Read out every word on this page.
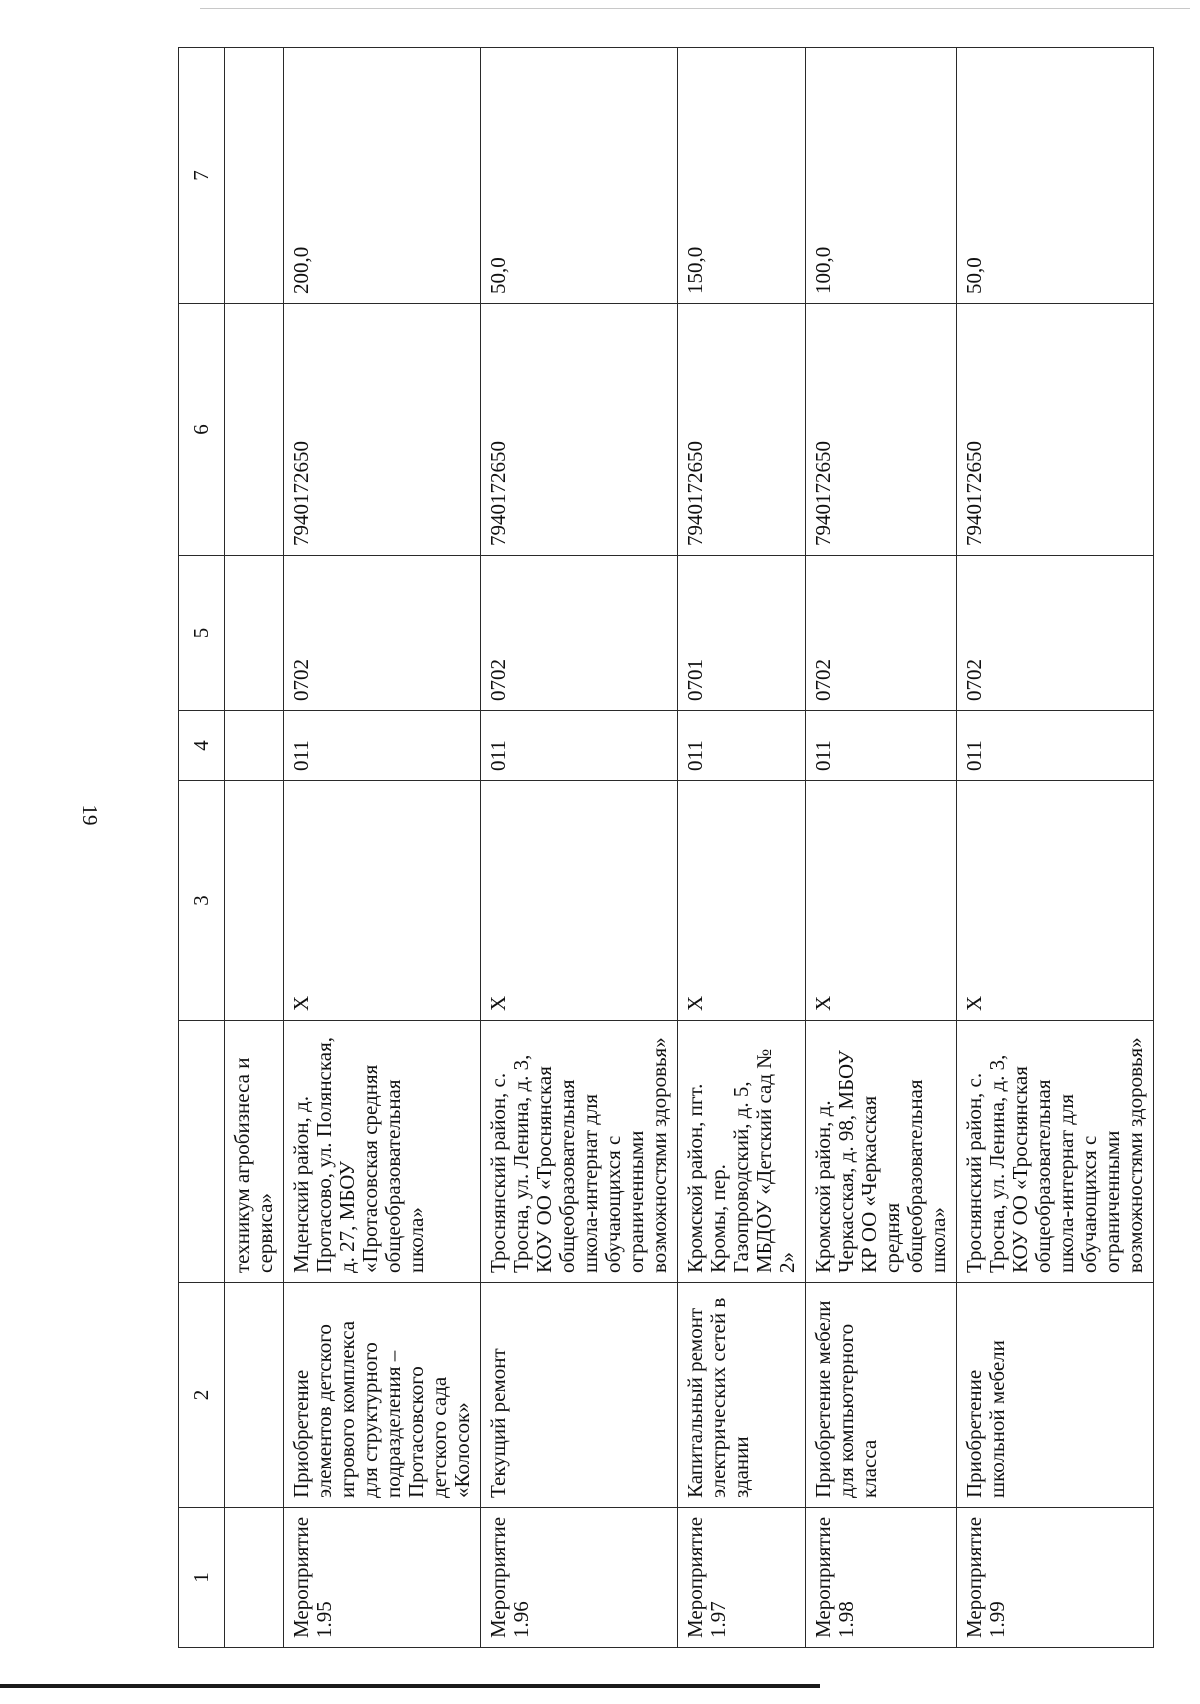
19
1	2		3	4	5	6	7
		техникум агробизнеса и сервиса»					
Мероприятие 1.95	Приобретение элементов детского игрового комплекса для структурного подразделения – Протасовского детского сада «Колосок»	Мценский район, д. Протасово, ул. Полянская, д. 27, МБОУ «Протасовская средняя общеобразовательная школа»	Х	011	0702	7940172650	200,0
Мероприятие 1.96	Текущий ремонт	Троснянский район, с. Тросна, ул. Ленина, д. 3, КОУ ОО «Троснянская общеобразовательная школа-интернат для обучающихся с ограниченными возможностями здоровья»	Х	011	0702	7940172650	50,0
Мероприятие 1.97	Капитальный ремонт электрических сетей в здании	Кромской район, пгт. Кромы, пер. Газопроводский, д. 5, МБДОУ «Детский сад № 2»	Х	011	0701	7940172650	150,0
Мероприятие 1.98	Приобретение мебели для компьютерного класса	Кромской район, д. Черкасская, д. 98, МБОУ КР ОО «Черкасская средняя общеобразовательная школа»	Х	011	0702	7940172650	100,0
Мероприятие 1.99	Приобретение школьной мебели	Троснянский район, с. Тросна, ул. Ленина, д. 3, КОУ ОО «Троснянская общеобразовательная школа-интернат для обучающихся с ограниченными возможностями здоровья»	Х	011	0702	7940172650	50,0
